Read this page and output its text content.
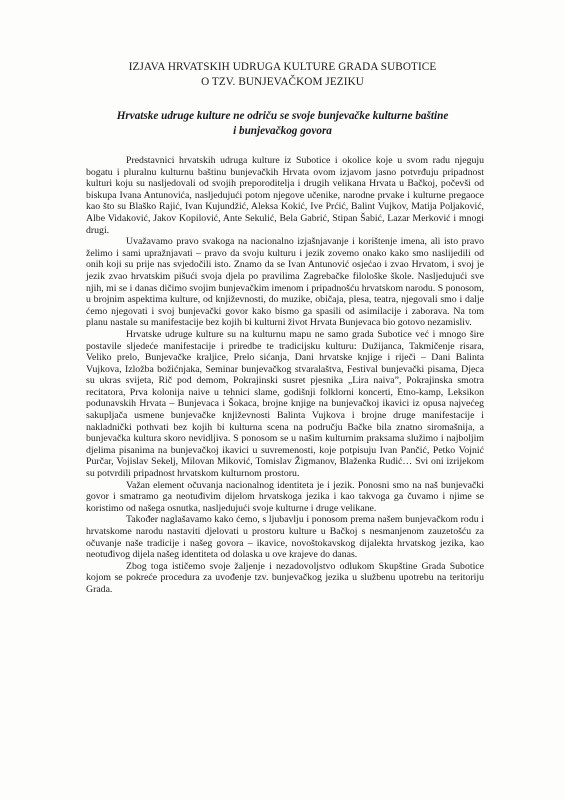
IZJAVA HRVATSKIH UDRUGA KULTURE GRADA SUBOTICE
O TZV. BUNJEVAČKOM JEZIKU
Hrvatske udruge kulture ne odriču se svoje bunjevačke kulturne baštine
i bunjevačkog govora

Predstavnici hrvatskih udruga kulture iz Subotice i okolice koje u svom radu njeguju bogatu i pluralnu kulturnu baštinu bunjevačkih Hrvata ovom izjavom jasno potvrđuju pripadnost kulturi koju su nasljedovali od svojih preporoditelja i drugih velikana Hrvata u Bačkoj, počevši od biskupa Ivana Antunovića, nasljedujući potom njegove učenike, narodne prvake i kulturne pregaoce kao što su Blaško Rajić, Ivan Kujundžić, Aleksa Kokić, Ive Prćić, Balint Vujkov, Matija Poljaković, Albe Vidaković, Jakov Kopilović, Ante Sekulić, Bela Gabrić, Stipan Šabić, Lazar Merković i mnogi drugi.

Uvažavamo pravo svakoga na nacionalno izjašnjavanje i korištenje imena, ali isto pravo želimo i sami upražnjavati – pravo da svoju kulturu i jezik zovemo onako kako smo naslijedili od onih koji su prije nas svjedočili isto. Znamo da se Ivan Antunović osjećao i zvao Hrvatom, i svoj je jezik zvao hrvatskim pišući svoja djela po pravilima Zagrebačke filološke škole. Nasljedujući sve njih, mi se i danas dičimo svojim bunjevačkim imenom i pripadnošću hrvatskom narodu. S ponosom, u brojnim aspektima kulture, od književnosti, do muzike, običaja, plesa, teatra, njegovali smo i dalje ćemo njegovati i svoj bunjevački govor kako bismo ga spasili od asimilacije i zaborava. Na tom planu nastale su manifestacije bez kojih bi kulturni život Hrvata Bunjevaca bio gotovo nezamisliv.

Hrvatske udruge kulture su na kulturnu mapu ne samo grada Subotice već i mnogo šire postavile sljedeće manifestacije i priredbe te tradicijsku kulturu: Dužijanca, Takmičenje risara, Veliko prelo, Bunjevačke kraljice, Prelo sićanja, Dani hrvatske knjige i riječi – Dani Balinta Vujkova, Izložba božićnjaka, Seminar bunjevačkog stvaralaštva, Festival bunjevački pisama, Djeca su ukras svijeta, Rič pod demom, Pokrajinski susret pjesnika „Lira naiva”, Pokrajinska smotra recitatora, Prva kolonija naive u tehnici slame, godišnji folklorni koncerti, Etno-kamp, Leksikon podunavskih Hrvata – Bunjevaca i Šokaca, brojne knjige na bunjevačkoj ikavici iz opusa najvećeg sakupljača usmene bunjevačke književnosti Balinta Vujkova i brojne druge manifestacije i nakladnički pothvati bez kojih bi kulturna scena na području Bačke bila znatno siromašnija, a bunjevačka kultura skoro nevidljiva. S ponosom se u našim kulturnim praksama služimo i najboljim djelima pisanima na bunjevačkoj ikavici u suvremenosti, koje potpisuju Ivan Pančić, Petko Vojnić Purčar, Vojislav Sekelj, Milovan Miković, Tomislav Žigmanov, Blaženka Rudić… Svi oni izrijekom su potvrdili pripadnost hrvatskom kulturnom prostoru.

Važan element očuvanja nacionalnog identiteta je i jezik. Ponosni smo na naš bunjevački govor i smatramo ga neotuđivim dijelom hrvatskoga jezika i kao takvoga ga čuvamo i njime se koristimo od našega osnutka, nasljedujući svoje kulturne i druge velikane.

Također naglašavamo kako ćemo, s ljubavlju i ponosom prema našem bunjevačkom rodu i hrvatskome narodu nastaviti djelovati u prostoru kulture u Bačkoj s nesmanjenom zauzetošću za očuvanje naše tradicije i našeg govora – ikavice, novoštokavskog dijalekta hrvatskog jezika, kao neotuđivog dijela našeg identiteta od dolaska u ove krajeve do danas.

Zbog toga ističemo svoje žaljenje i nezadovoljstvo odlukom Skupštine Grada Subotice kojom se pokreće procedura za uvođenje tzv. bunjevačkog jezika u službenu upotrebu na teritoriju Grada.
